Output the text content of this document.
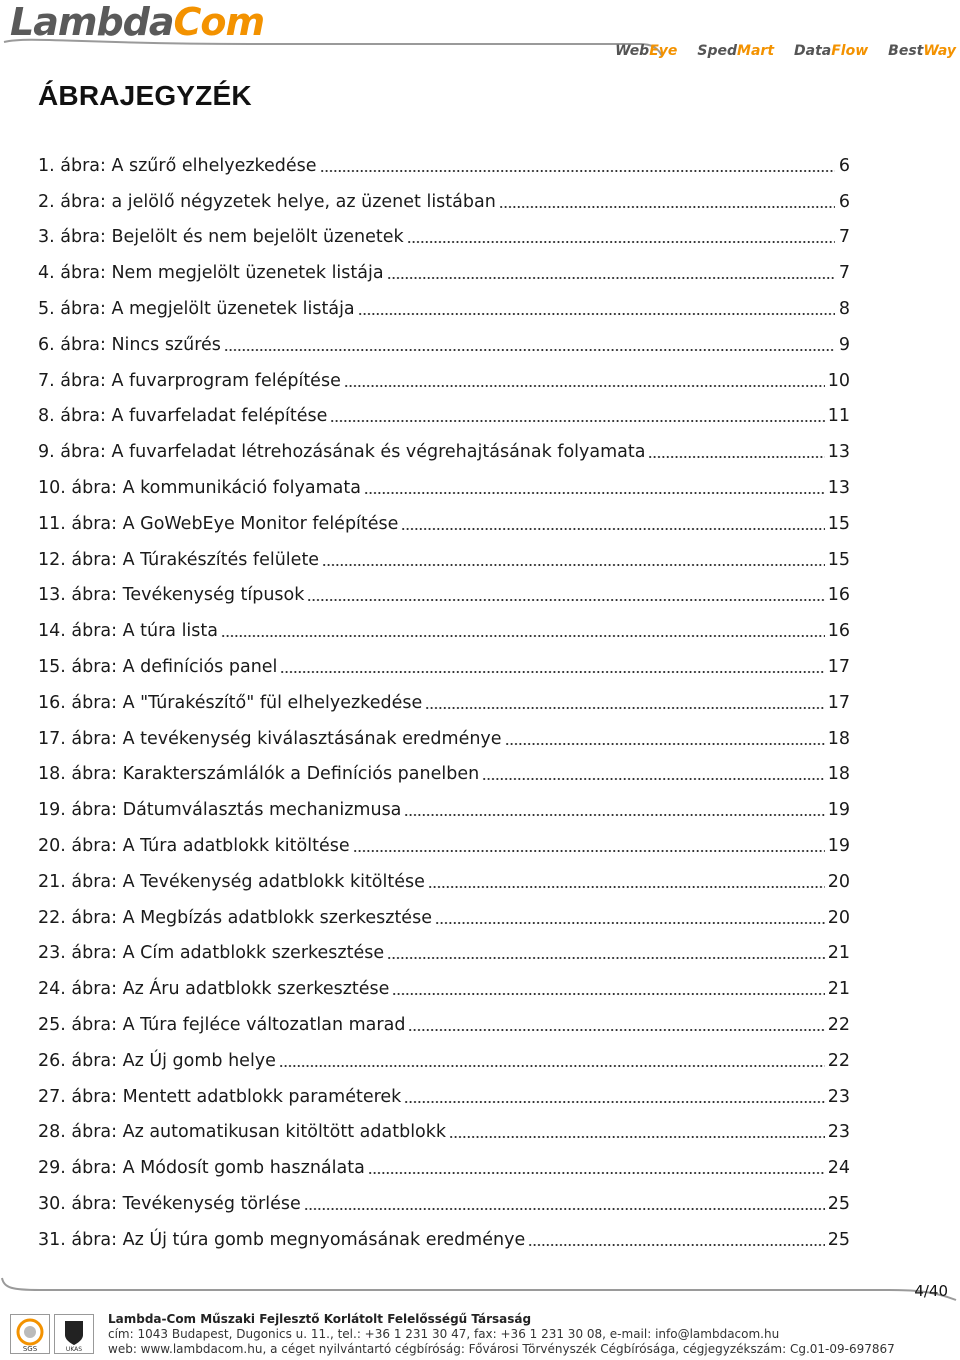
LambdaCom
WebEye SpedMart DataFlow BestWay
ÁBRAJEGYZÉK
1. ábra: A szűrő elhelyezkedése	6
2. ábra: a jelölő négyzetek helye, az üzenet listában	6
3. ábra: Bejelölt és nem bejelölt üzenetek	7
4. ábra: Nem megjelölt üzenetek listája	7
5. ábra: A megjelölt üzenetek listája	8
6. ábra: Nincs szűrés	9
7. ábra: A fuvarprogram felépítése	10
8. ábra: A fuvarfeladat felépítése	11
9. ábra: A fuvarfeladat létrehozásának és végrehajtásának folyamata	13
10. ábra: A kommunikáció folyamata	13
11. ábra: A GoWebEye Monitor felépítése	15
12. ábra: A Túrakészítés felülete	15
13. ábra: Tevékenység típusok	16
14. ábra: A túra lista	16
15. ábra: A definíciós panel	17
16. ábra: A "Túrakészítő" fül elhelyezkedése	17
17. ábra: A tevékenység kiválasztásának eredménye	18
18. ábra: Karakterszámlálók a Definíciós panelben	18
19. ábra: Dátumválasztás mechanizmusa	19
20. ábra: A Túra adatblokk kitöltése	19
21. ábra: A Tevékenység adatblokk kitöltése	20
22. ábra: A Megbízás adatblokk szerkesztése	20
23. ábra: A Cím adatblokk szerkesztése	21
24. ábra: Az Áru adatblokk szerkesztése	21
25. ábra: A Túra fejléce változatlan marad	22
26. ábra: Az Új gomb helye	22
27. ábra: Mentett adatblokk paraméterek	23
28. ábra: Az automatikusan kitöltött adatblokk	23
29. ábra: A Módosít gomb használata	24
30. ábra: Tevékenység törlése	25
31. ábra: Az Új túra gomb megnyomásának eredménye	25
4/40
SGS	UKAS
Lambda-Com Műszaki Fejlesztő Korlátolt Felelősségű Társaság
cím: 1043 Budapest, Dugonics u. 11., tel.: +36 1 231 30 47, fax: +36 1 231 30 08, e-mail: info@lambdacom.hu
web: www.lambdacom.hu, a céget nyilvántartó cégbíróság: Fővárosi Törvényszék Cégbírósága, cégjegyzékszám: Cg.01-09-697867
